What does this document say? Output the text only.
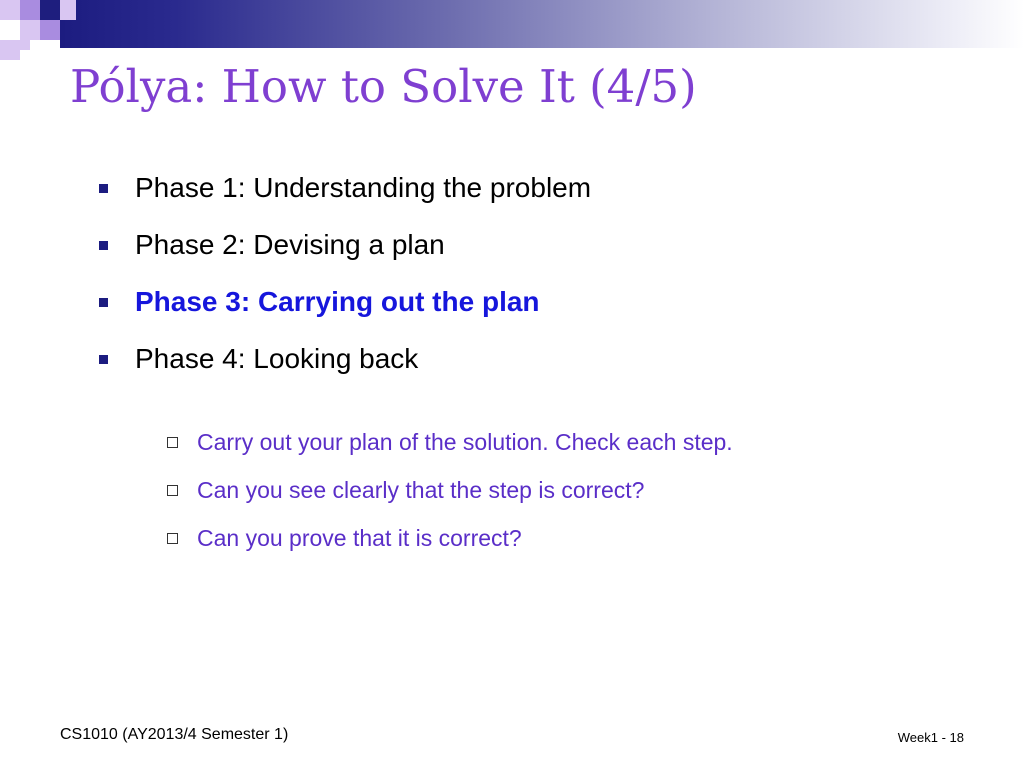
Pólya: How to Solve It (4/5)
Phase 1: Understanding the problem
Phase 2: Devising a plan
Phase 3: Carrying out the plan
Phase 4: Looking back
Carry out your plan of the solution. Check each step.
Can you see clearly that the step is correct?
Can you prove that it is correct?
CS1010 (AY2013/4 Semester 1)	Week1 - 18
